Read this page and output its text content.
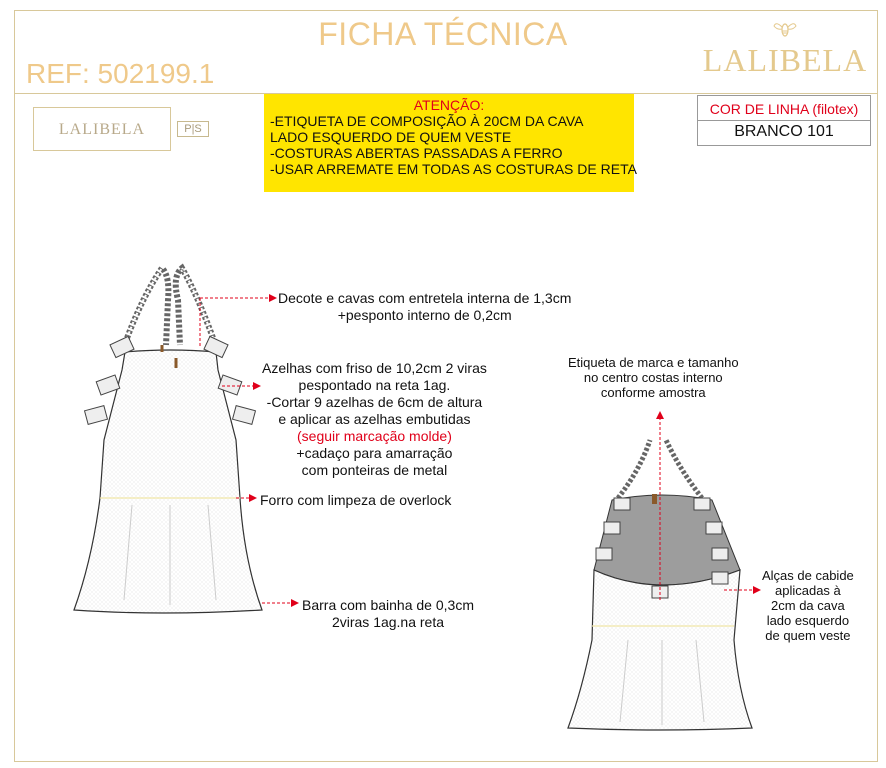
FICHA TÉCNICA
REF: 502199.1	LALIBELA
LALIBELA	P|S
ATENÇÃO:
-ETIQUETA DE COMPOSIÇÃO À 20CM DA CAVA
LADO ESQUERDO DE QUEM VESTE
-COSTURAS ABERTAS PASSADAS A FERRO
-USAR ARREMATE EM TODAS AS COSTURAS DE RETA
COR DE LINHA (filotex)
BRANCO 101
Decote e cavas com entretela interna de 1,3cm
+pesponto interno de 0,2cm
Azelhas com friso de 10,2cm 2 viras
pespontado na reta 1ag.
-Cortar 9 azelhas de 6cm de altura
e aplicar as azelhas embutidas
(seguir marcação molde)
+cadaço para amarração
com ponteiras de metal
Forro com limpeza de overlock
Barra com bainha de 0,3cm
2viras 1ag.na reta
Etiqueta de marca e tamanho
no centro costas interno
conforme amostra
Alças de cabide
aplicadas à
2cm da cava
lado esquerdo
de quem veste
